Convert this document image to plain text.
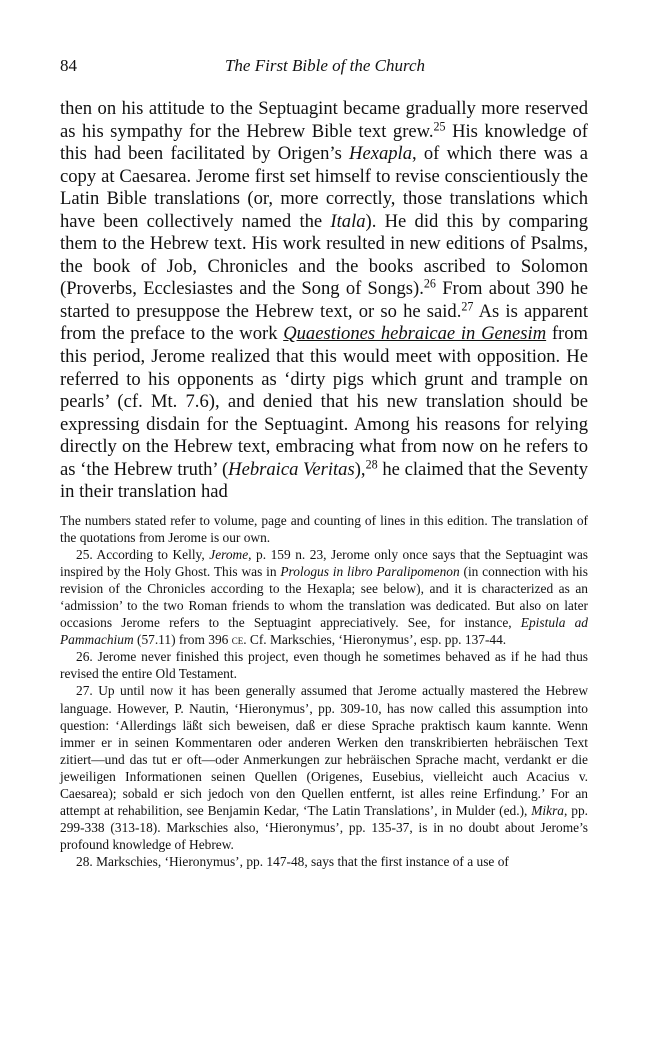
84	The First Bible of the Church

then on his attitude to the Septuagint became gradually more reserved as his sympathy for the Hebrew Bible text grew.$^{25}$ His knowledge of this had been facilitated by Origen’s Hexapla, of which there was a copy at Caesarea. Jerome first set himself to revise conscientiously the Latin Bible translations (or, more correctly, those translations which have been collectively named the Itala). He did this by comparing them to the Hebrew text. His work resulted in new editions of Psalms, the book of Job, Chronicles and the books ascribed to Solomon (Proverbs, Ecclesiastes and the Song of Songs).$^{26}$ From about 390 he started to presuppose the Hebrew text, or so he said.$^{27}$ As is apparent from the preface to the work Quaestiones hebraicae in Genesim from this period, Jerome realized that this would meet with opposition. He referred to his opponents as ‘dirty pigs which grunt and trample on pearls’ (cf. Mt. 7.6), and denied that his new translation should be expressing disdain for the Septuagint. Among his reasons for relying directly on the Hebrew text, embracing what from now on he refers to as ‘the Hebrew truth’ (Hebraica Veritas),$^{28}$ he claimed that the Seventy in their translation had

The numbers stated refer to volume, page and counting of lines in this edition. The translation of the quotations from Jerome is our own.

25. According to Kelly, Jerome, p. 159 n. 23, Jerome only once says that the Septuagint was inspired by the Holy Ghost. This was in Prologus in libro Paralipomenon (in connection with his revision of the Chronicles according to the Hexapla; see below), and it is characterized as an ‘admission’ to the two Roman friends to whom the translation was dedicated. But also on later occasions Jerome refers to the Septuagint appreciatively. See, for instance, Epistula ad Pammachium (57.11) from 396 ce. Cf. Markschies, ‘Hieronymus’, esp. pp. 137-44.

26. Jerome never finished this project, even though he sometimes behaved as if he had thus revised the entire Old Testament.

27. Up until now it has been generally assumed that Jerome actually mastered the Hebrew language. However, P. Nautin, ‘Hieronymus’, pp. 309-10, has now called this assumption into question: ‘Allerdings läßt sich beweisen, daß er diese Sprache praktisch kaum kannte. Wenn immer er in seinen Kommentaren oder anderen Werken den transkribierten hebräischen Text zitiert—und das tut er oft—oder Anmerkungen zur hebräischen Sprache macht, verdankt er die jeweiligen Informationen seinen Quellen (Origenes, Eusebius, vielleicht auch Acacius v. Caesarea); sobald er sich jedoch von den Quellen entfernt, ist alles reine Erfindung.’ For an attempt at rehabilition, see Benjamin Kedar, ‘The Latin Translations’, in Mulder (ed.), Mikra, pp. 299-338 (313-18). Markschies also, ‘Hieronymus’, pp. 135-37, is in no doubt about Jerome’s profound knowledge of Hebrew.

28. Markschies, ‘Hieronymus’, pp. 147-48, says that the first instance of a use of
